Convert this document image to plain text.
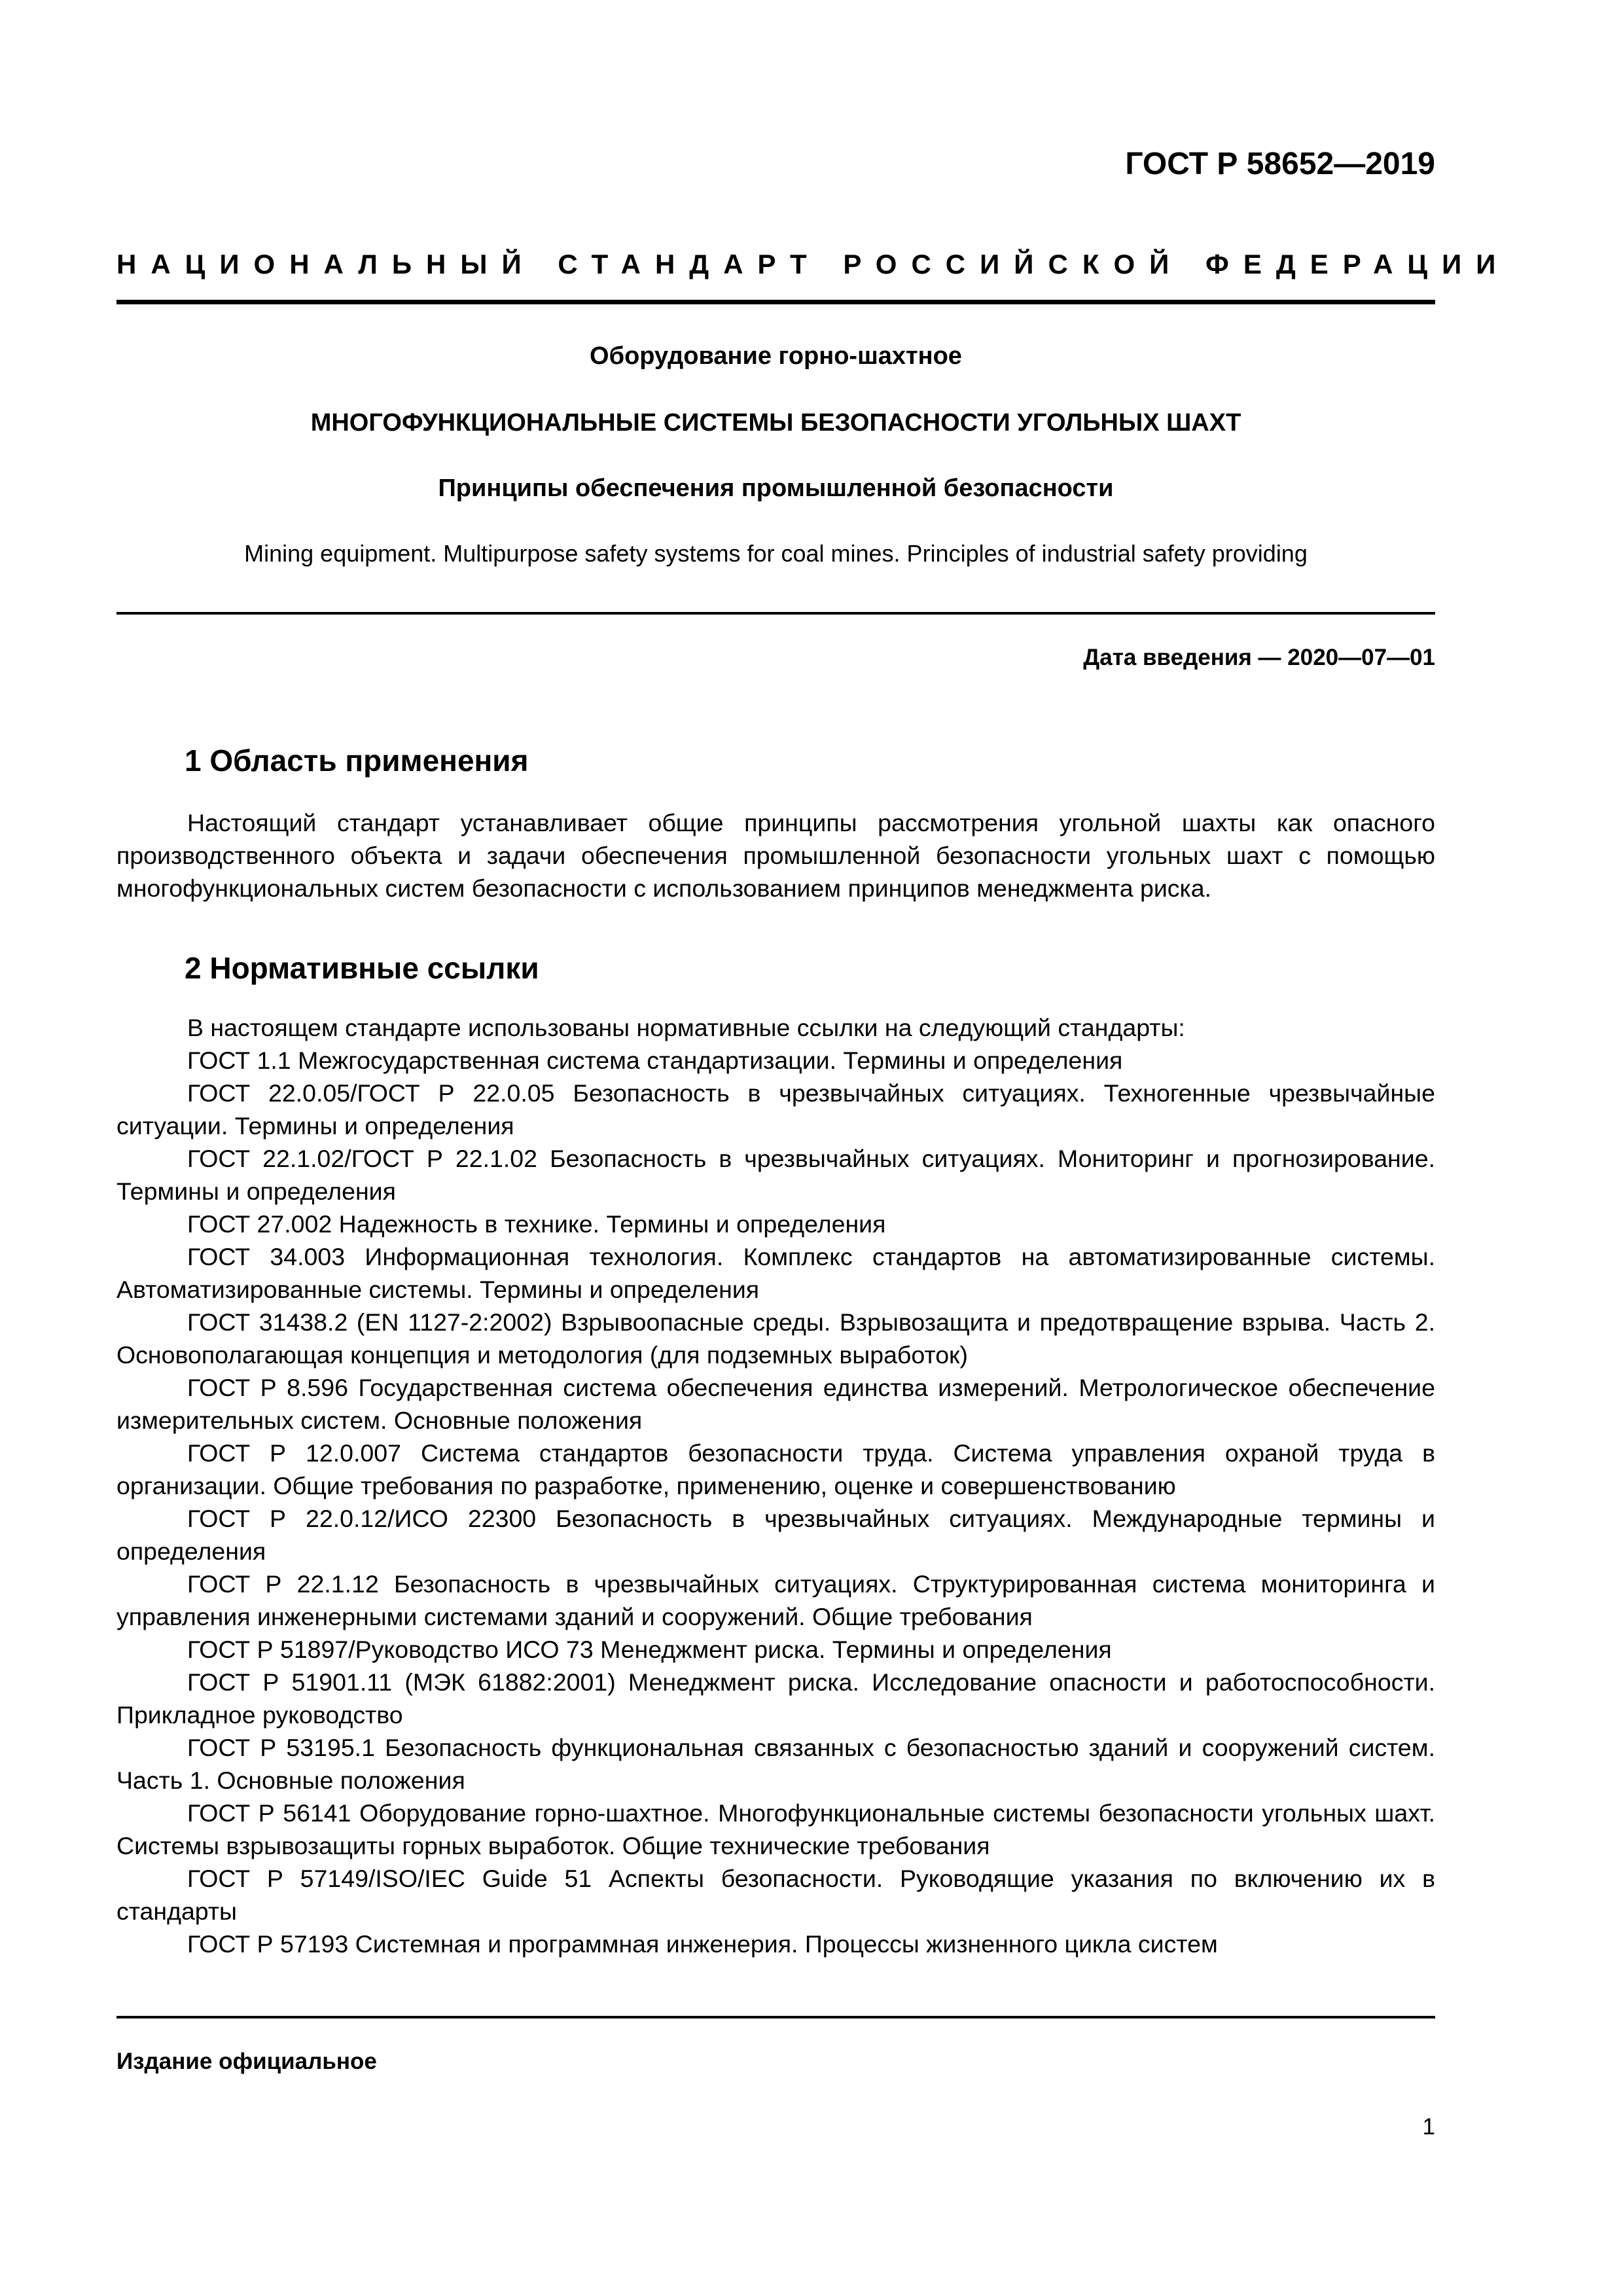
ГОСТ Р 58652—2019
НАЦИОНАЛЬНЫЙ СТАНДАРТ РОССИЙСКОЙ ФЕДЕРАЦИИ
Оборудование горно-шахтное
МНОГОФУНКЦИОНАЛЬНЫЕ СИСТЕМЫ БЕЗОПАСНОСТИ УГОЛЬНЫХ ШАХТ
Принципы обеспечения промышленной безопасности
Mining equipment. Multipurpose safety systems for coal mines. Principles of industrial safety providing
Дата введения — 2020—07—01
1 Область применения

Настоящий стандарт устанавливает общие принципы рассмотрения угольной шахты как опасного производственного объекта и задачи обеспечения промышленной безопасности угольных шахт с помощью многофункциональных систем безопасности с использованием принципов менеджмента риска.

2 Нормативные ссылки

В настоящем стандарте использованы нормативные ссылки на следующий стандарты:

ГОСТ 1.1 Межгосударственная система стандартизации. Термины и определения

ГОСТ 22.0.05/ГОСТ Р 22.0.05 Безопасность в чрезвычайных ситуациях. Техногенные чрезвычайные ситуации. Термины и определения

ГОСТ 22.1.02/ГОСТ Р 22.1.02 Безопасность в чрезвычайных ситуациях. Мониторинг и прогнозирование. Термины и определения

ГОСТ 27.002 Надежность в технике. Термины и определения

ГОСТ 34.003 Информационная технология. Комплекс стандартов на автоматизированные системы. Автоматизированные системы. Термины и определения

ГОСТ 31438.2 (EN 1127-2:2002) Взрывоопасные среды. Взрывозащита и предотвращение взрыва. Часть 2. Основополагающая концепция и методология (для подземных выработок)

ГОСТ Р 8.596 Государственная система обеспечения единства измерений. Метрологическое обеспечение измерительных систем. Основные положения

ГОСТ Р 12.0.007 Система стандартов безопасности труда. Система управления охраной труда в организации. Общие требования по разработке, применению, оценке и совершенствованию

ГОСТ Р 22.0.12/ИСО 22300 Безопасность в чрезвычайных ситуациях. Международные термины и определения

ГОСТ Р 22.1.12 Безопасность в чрезвычайных ситуациях. Структурированная система мониторинга и управления инженерными системами зданий и сооружений. Общие требования

ГОСТ Р 51897/Руководство ИСО 73 Менеджмент риска. Термины и определения

ГОСТ Р 51901.11 (МЭК 61882:2001) Менеджмент риска. Исследование опасности и работоспособности. Прикладное руководство

ГОСТ Р 53195.1 Безопасность функциональная связанных с безопасностью зданий и сооружений систем. Часть 1. Основные положения

ГОСТ Р 56141 Оборудование горно-шахтное. Многофункциональные системы безопасности угольных шахт. Системы взрывозащиты горных выработок. Общие технические требования

ГОСТ Р 57149/ISO/IEC Guide 51 Аспекты безопасности. Руководящие указания по включению их в стандарты

ГОСТ Р 57193 Системная и программная инженерия. Процессы жизненного цикла систем

Издание официальное
1
